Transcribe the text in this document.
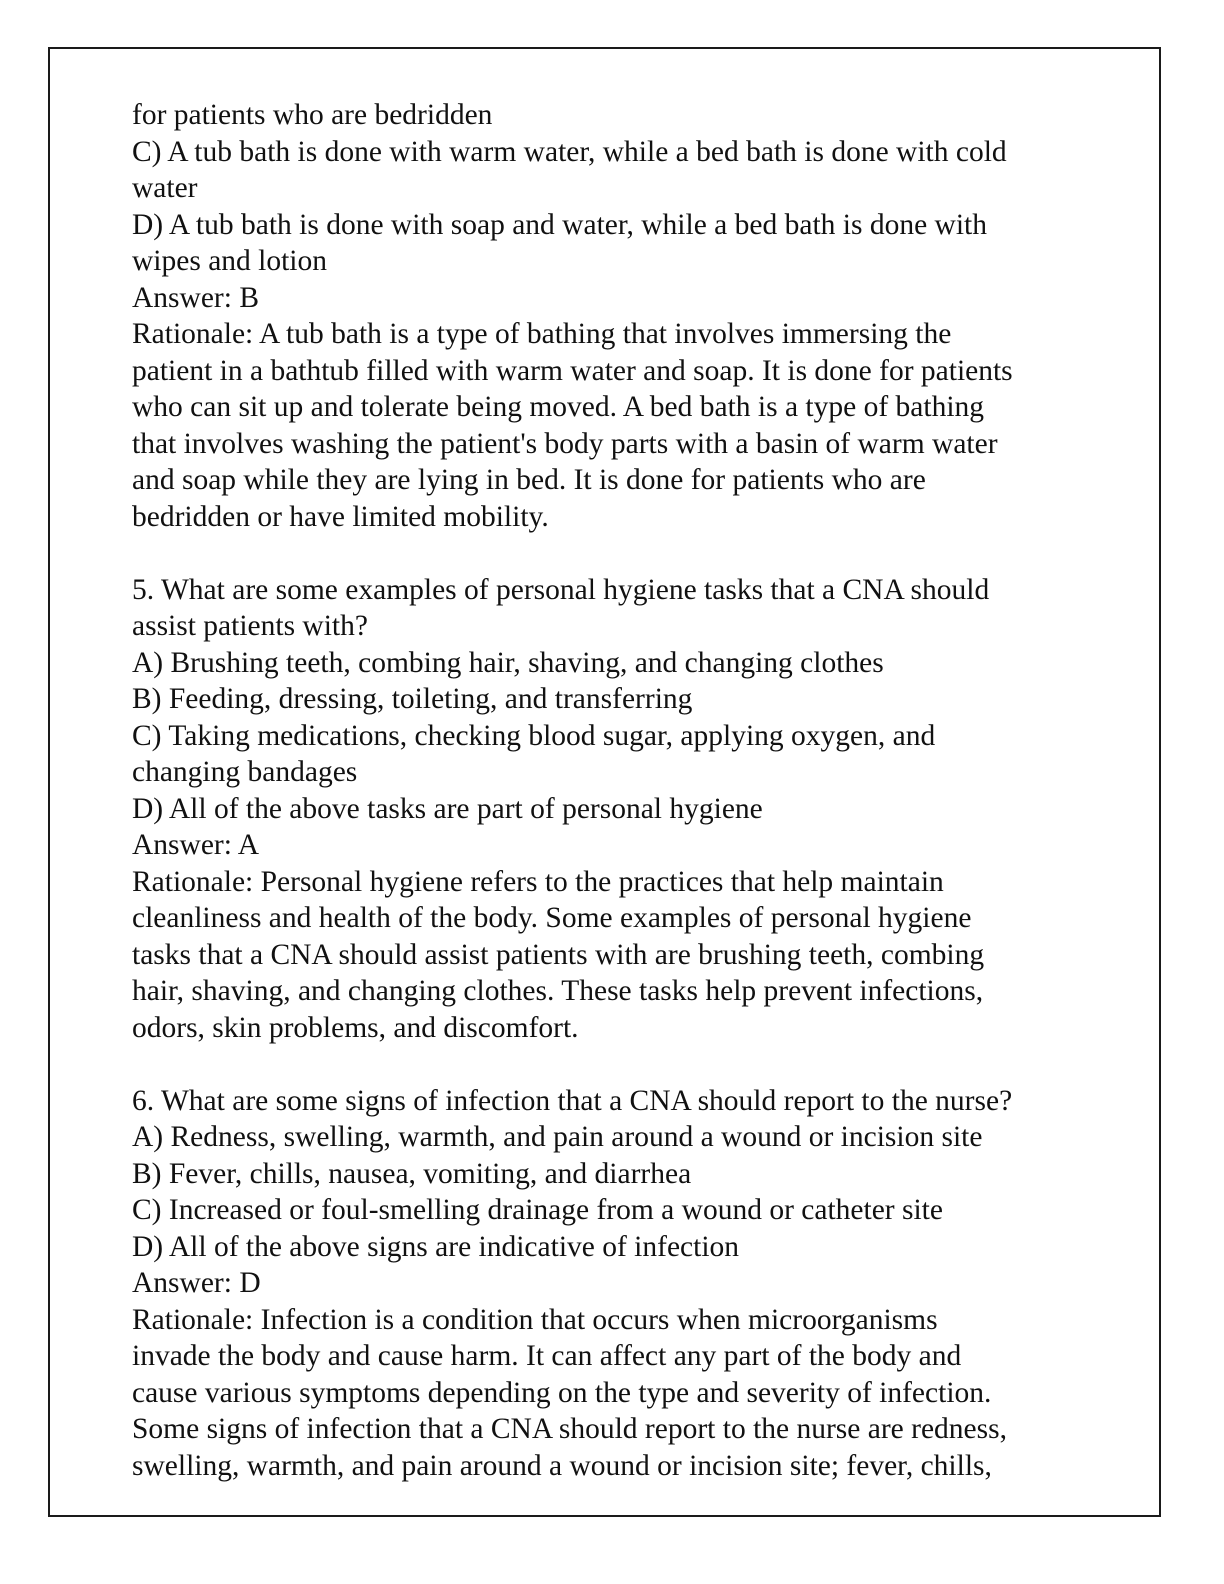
for patients who are bedridden
C) A tub bath is done with warm water, while a bed bath is done with cold
water
D) A tub bath is done with soap and water, while a bed bath is done with
wipes and lotion
Answer: B
Rationale: A tub bath is a type of bathing that involves immersing the
patient in a bathtub filled with warm water and soap. It is done for patients
who can sit up and tolerate being moved. A bed bath is a type of bathing
that involves washing the patient's body parts with a basin of warm water
and soap while they are lying in bed. It is done for patients who are
bedridden or have limited mobility.
5. What are some examples of personal hygiene tasks that a CNA should
assist patients with?
A) Brushing teeth, combing hair, shaving, and changing clothes
B) Feeding, dressing, toileting, and transferring
C) Taking medications, checking blood sugar, applying oxygen, and
changing bandages
D) All of the above tasks are part of personal hygiene
Answer: A
Rationale: Personal hygiene refers to the practices that help maintain
cleanliness and health of the body. Some examples of personal hygiene
tasks that a CNA should assist patients with are brushing teeth, combing
hair, shaving, and changing clothes. These tasks help prevent infections,
odors, skin problems, and discomfort.
6. What are some signs of infection that a CNA should report to the nurse?
A) Redness, swelling, warmth, and pain around a wound or incision site
B) Fever, chills, nausea, vomiting, and diarrhea
C) Increased or foul-smelling drainage from a wound or catheter site
D) All of the above signs are indicative of infection
Answer: D
Rationale: Infection is a condition that occurs when microorganisms
invade the body and cause harm. It can affect any part of the body and
cause various symptoms depending on the type and severity of infection.
Some signs of infection that a CNA should report to the nurse are redness,
swelling, warmth, and pain around a wound or incision site; fever, chills,
